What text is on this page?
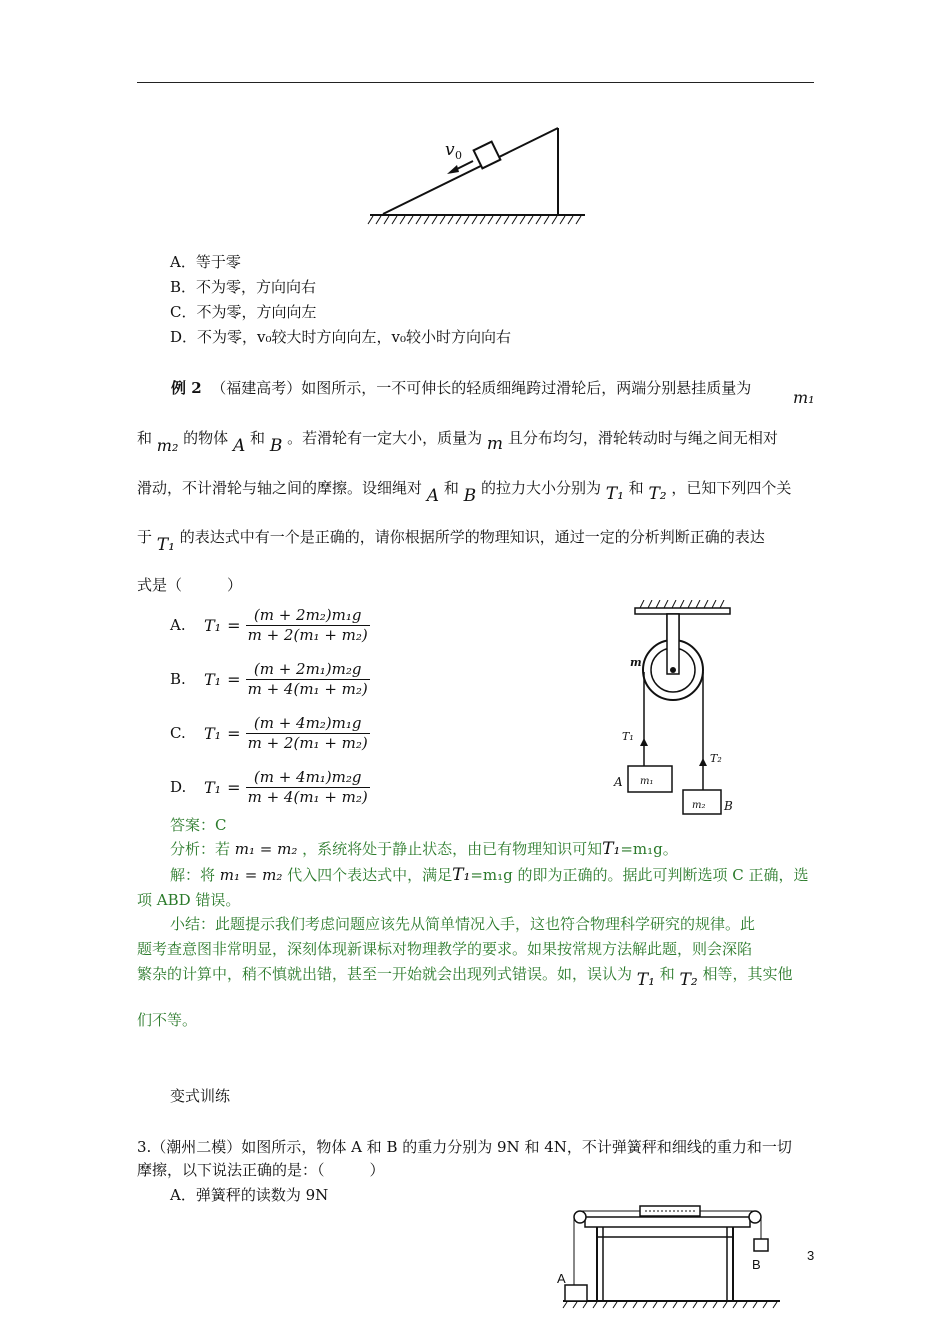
v 0
A．等于零
B．不为零，方向向右
C．不为零，方向向左
D．不为零，v₀较大时方向向左，v₀较小时方向向右
例 2 （福建高考）如图所示，一不可伸长的轻质细绳跨过滑轮后，两端分别悬挂质量为	m₁
和 m₂ 的物体 A 和 B 。若滑轮有一定大小，质量为 m 且分布均匀，滑轮转动时与绳之间无相对
滑动，不计滑轮与轴之间的摩擦。设细绳对 A 和 B 的拉力大小分别为 T₁ 和 T₂ ，已知下列四个关
于 T₁ 的表达式中有一个是正确的，请你根据所学的物理知识，通过一定的分析判断正确的表达
式是（　　　）
A.	$T_1 = \frac{\text{(m + 2m₂)m₁g}}{\text{m + 2(m₁ + m₂)}}$
B.	$T_1 = \frac{\text{(m + 2m₁)m₂g}}{\text{m + 4(m₁ + m₂)}}$
C.	$T_1 = \frac{\text{(m + 4m₂)m₁g}}{\text{m + 2(m₁ + m₂)}}$
D.	$T_1 = \frac{\text{(m + 4m₁)m₂g}}{\text{m + 4(m₁ + m₂)}}$
m
T₁
T₂
A
B
m₁
m₂
答案：C
分析：若 m₁ = m₂ ，系统将处于静止状态，由已有物理知识可知T₁=m₁g。
解：将 m₁ = m₂ 代入四个表达式中，满足T₁=m₁g 的即为正确的。据此可判断选项 C 正确，选
项 ABD 错误。
小结：此题提示我们考虑问题应该先从简单情况入手，这也符合物理科学研究的规律。此
题考查意图非常明显，深刻体现新课标对物理教学的要求。如果按常规方法解此题，则会深陷
繁杂的计算中，稍不慎就出错，甚至一开始就会出现列式错误。如，误认为 T₁ 和 T₂ 相等，其实他
们不等。
变式训练
3.（潮州二模）如图所示，物体 A 和 B 的重力分别为 9N 和 4N，不计弹簧秤和细线的重力和一切
摩擦，以下说法正确的是：（　　　）
A．弹簧秤的读数为 9N
A
B
3
